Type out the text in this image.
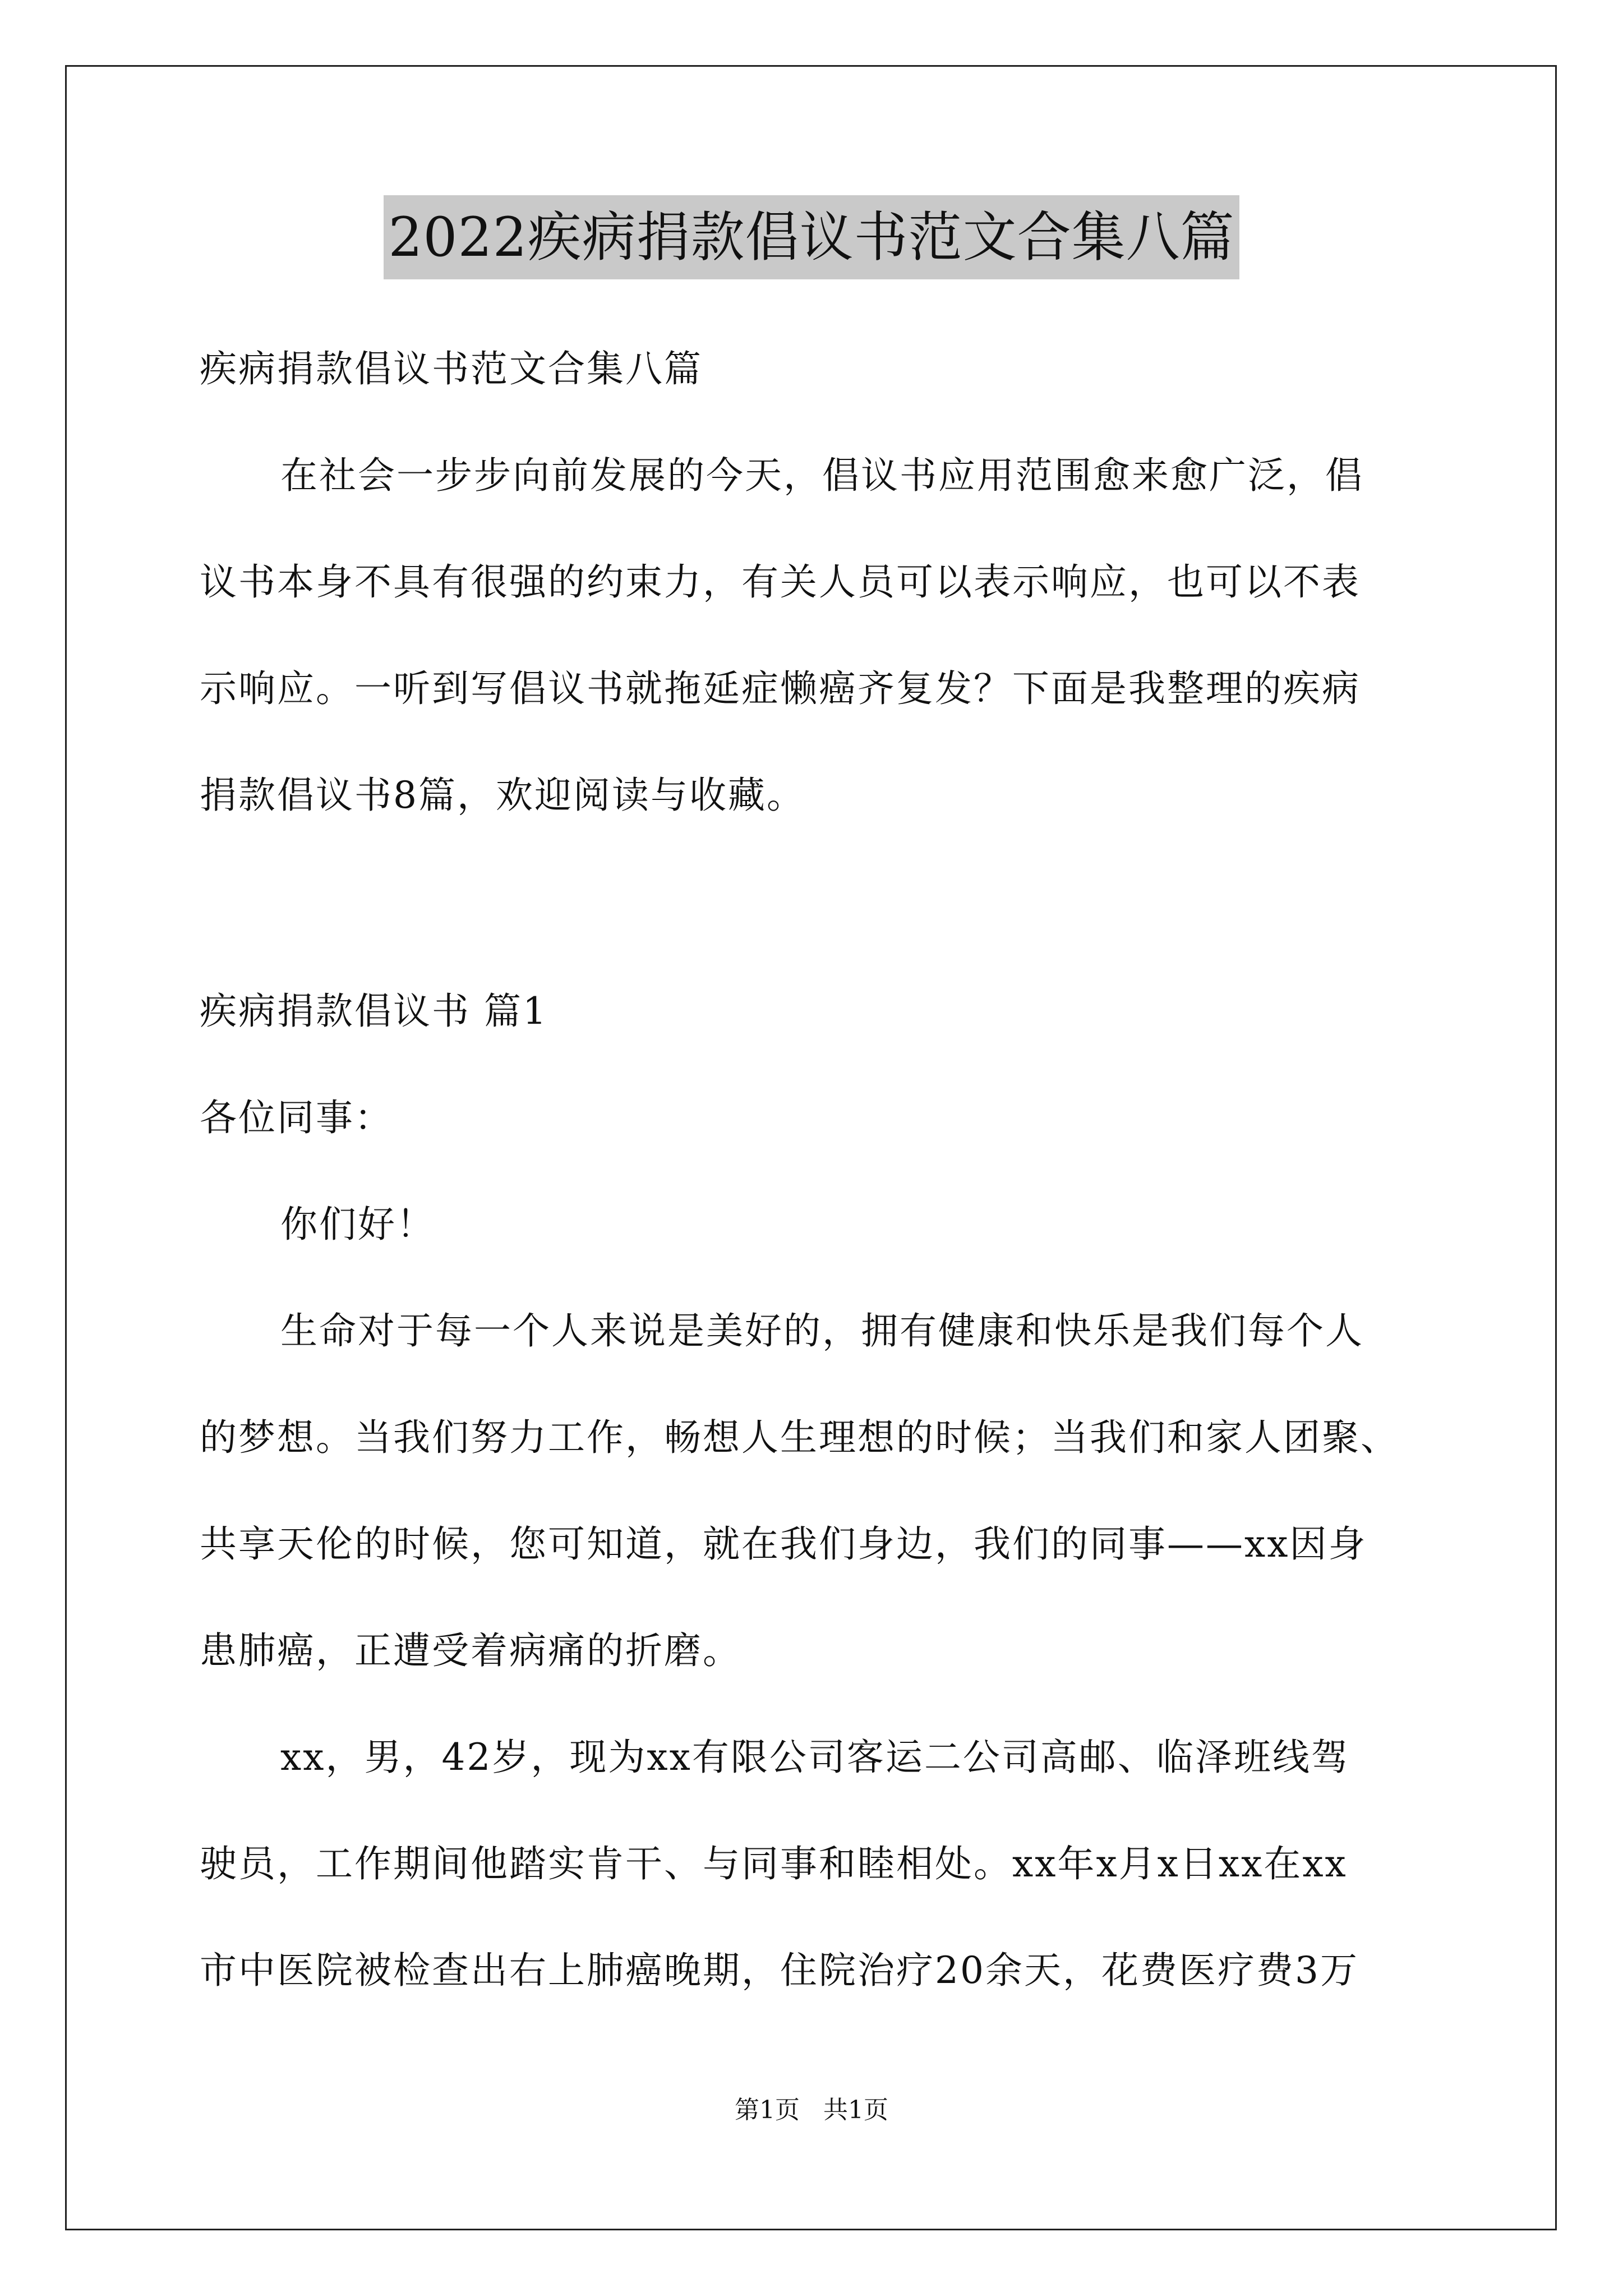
2022疾病捐款倡议书范文合集八篇
疾病捐款倡议书范文合集八篇
在社会一步步向前发展的今天，倡议书应用范围愈来愈广泛，倡
议书本身不具有很强的约束力，有关人员可以表示响应，也可以不表
示响应。一听到写倡议书就拖延症懒癌齐复发？下面是我整理的疾病
捐款倡议书8篇，欢迎阅读与收藏。
疾病捐款倡议书 篇1
各位同事：
你们好！
生命对于每一个人来说是美好的，拥有健康和快乐是我们每个人
的梦想。当我们努力工作，畅想人生理想的时候；当我们和家人团聚、
共享天伦的时候，您可知道，就在我们身边，我们的同事——xx因身
患肺癌，正遭受着病痛的折磨。
xx，男，42岁，现为xx有限公司客运二公司高邮、临泽班线驾
驶员，工作期间他踏实肯干、与同事和睦相处。xx年x月x日xx在xx
市中医院被检查出右上肺癌晚期，住院治疗20余天，花费医疗费3万
第1页 共1页
